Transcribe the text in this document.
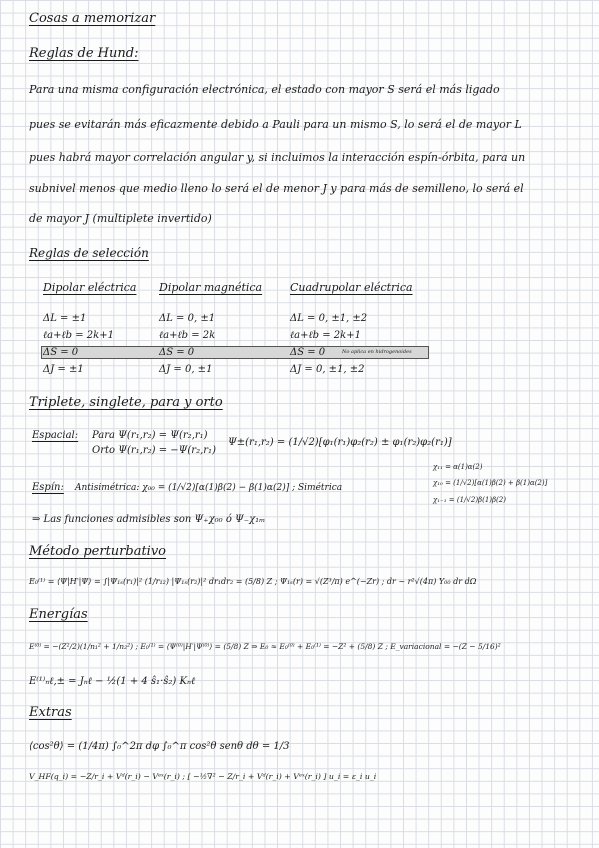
Cosas a memorizar
Reglas de Hund:
Para una misma configuración electrónica, el estado con mayor S será el más ligado
pues se evitarán más eficazmente debido a Pauli para un mismo S, lo será el de mayor L
pues habrá mayor correlación angular y, si incluimos la interacción espín-órbita, para un
subnivel menos que medio lleno lo será el de menor J y para más de semilleno, lo será el
de mayor J (multiplete invertido)
Reglas de selección
Dipolar eléctrica Dipolar magnética	Cuadrupolar eléctrica
ΔL = ±1
ℓa+ℓb = 2k+1
ΔS = 0
ΔJ = ±1
ΔL = 0, ±1
ℓa+ℓb = 2k
ΔS = 0
ΔJ = 0, ±1
ΔL = 0, ±1, ±2
ℓa+ℓb = 2k+1
ΔS = 0
ΔJ = 0, ±1, ±2
No aplica en hidrogenoides
Triplete, singlete, para y orto
Espacial: Para Ψ(r₁,r₂) = Ψ(r₂,r₁)
Orto Ψ(r₁,r₂) = −Ψ(r₂,r₁)
Ψ±(r₁,r₂) = (1/√2)[φ₁(r₁)φ₂(r₂) ± φ₁(r₂)φ₂(r₁)]
Espín: Antisimétrica: χ₀₀ = (1/√2)[α(1)β(2) − β(1)α(2)] ; Simétrica
χ₁₁ = α(1)α(2)
χ₁₀ = (1/√2)[α(1)β(2) + β(1)α(2)]
χ₁₋₁ = (1/√2)β(1)β(2)
⇒ Las funciones admisibles son Ψ₊χ₀₀ ó Ψ₋χ₁ₘ
Método perturbativo
E₀⁽¹⁾ = ⟨Ψ|H′|Ψ⟩ = ∫|Ψ₁ₛ(r₁)|² (1/r₁₂) |Ψ₁ₛ(r₂)|² dr₁dr₂ = (5/8) Z ; Ψ₁ₛ(r) = √(Z³/π) e^(−Zr) ; dr ~ r²√(4π) Y₀₀ dr dΩ
Energías
E⁽⁰⁾ = −(Z²/2)(1/n₁² + 1/n₂²) ; E₀⁽¹⁾ = ⟨Ψ⁽⁰⁾|H′|Ψ⁽⁰⁾⟩ = (5/8) Z ⇒ E₀ ≈ E₀⁽⁰⁾ + E₀⁽¹⁾ = −Z² + (5/8) Z ; E_variacional = −(Z − 5/16)²
E⁽¹⁾ₙℓ,± = Jₙℓ − ½(1 + 4 ŝ₁·ŝ₂) Kₙℓ
Extras
⟨cos²θ⟩ = (1/4π) ∫₀^2π dφ ∫₀^π cos²θ senθ dθ = 1/3
V_HF(q_i) = −Z/r_i + Vᵈ(r_i) − Vᵉˣ(r_i) ; [ −½∇² − Z/r_i + Vᵈ(r_i) + Vᵉˣ(r_i) ] u_i = ε_i u_i
